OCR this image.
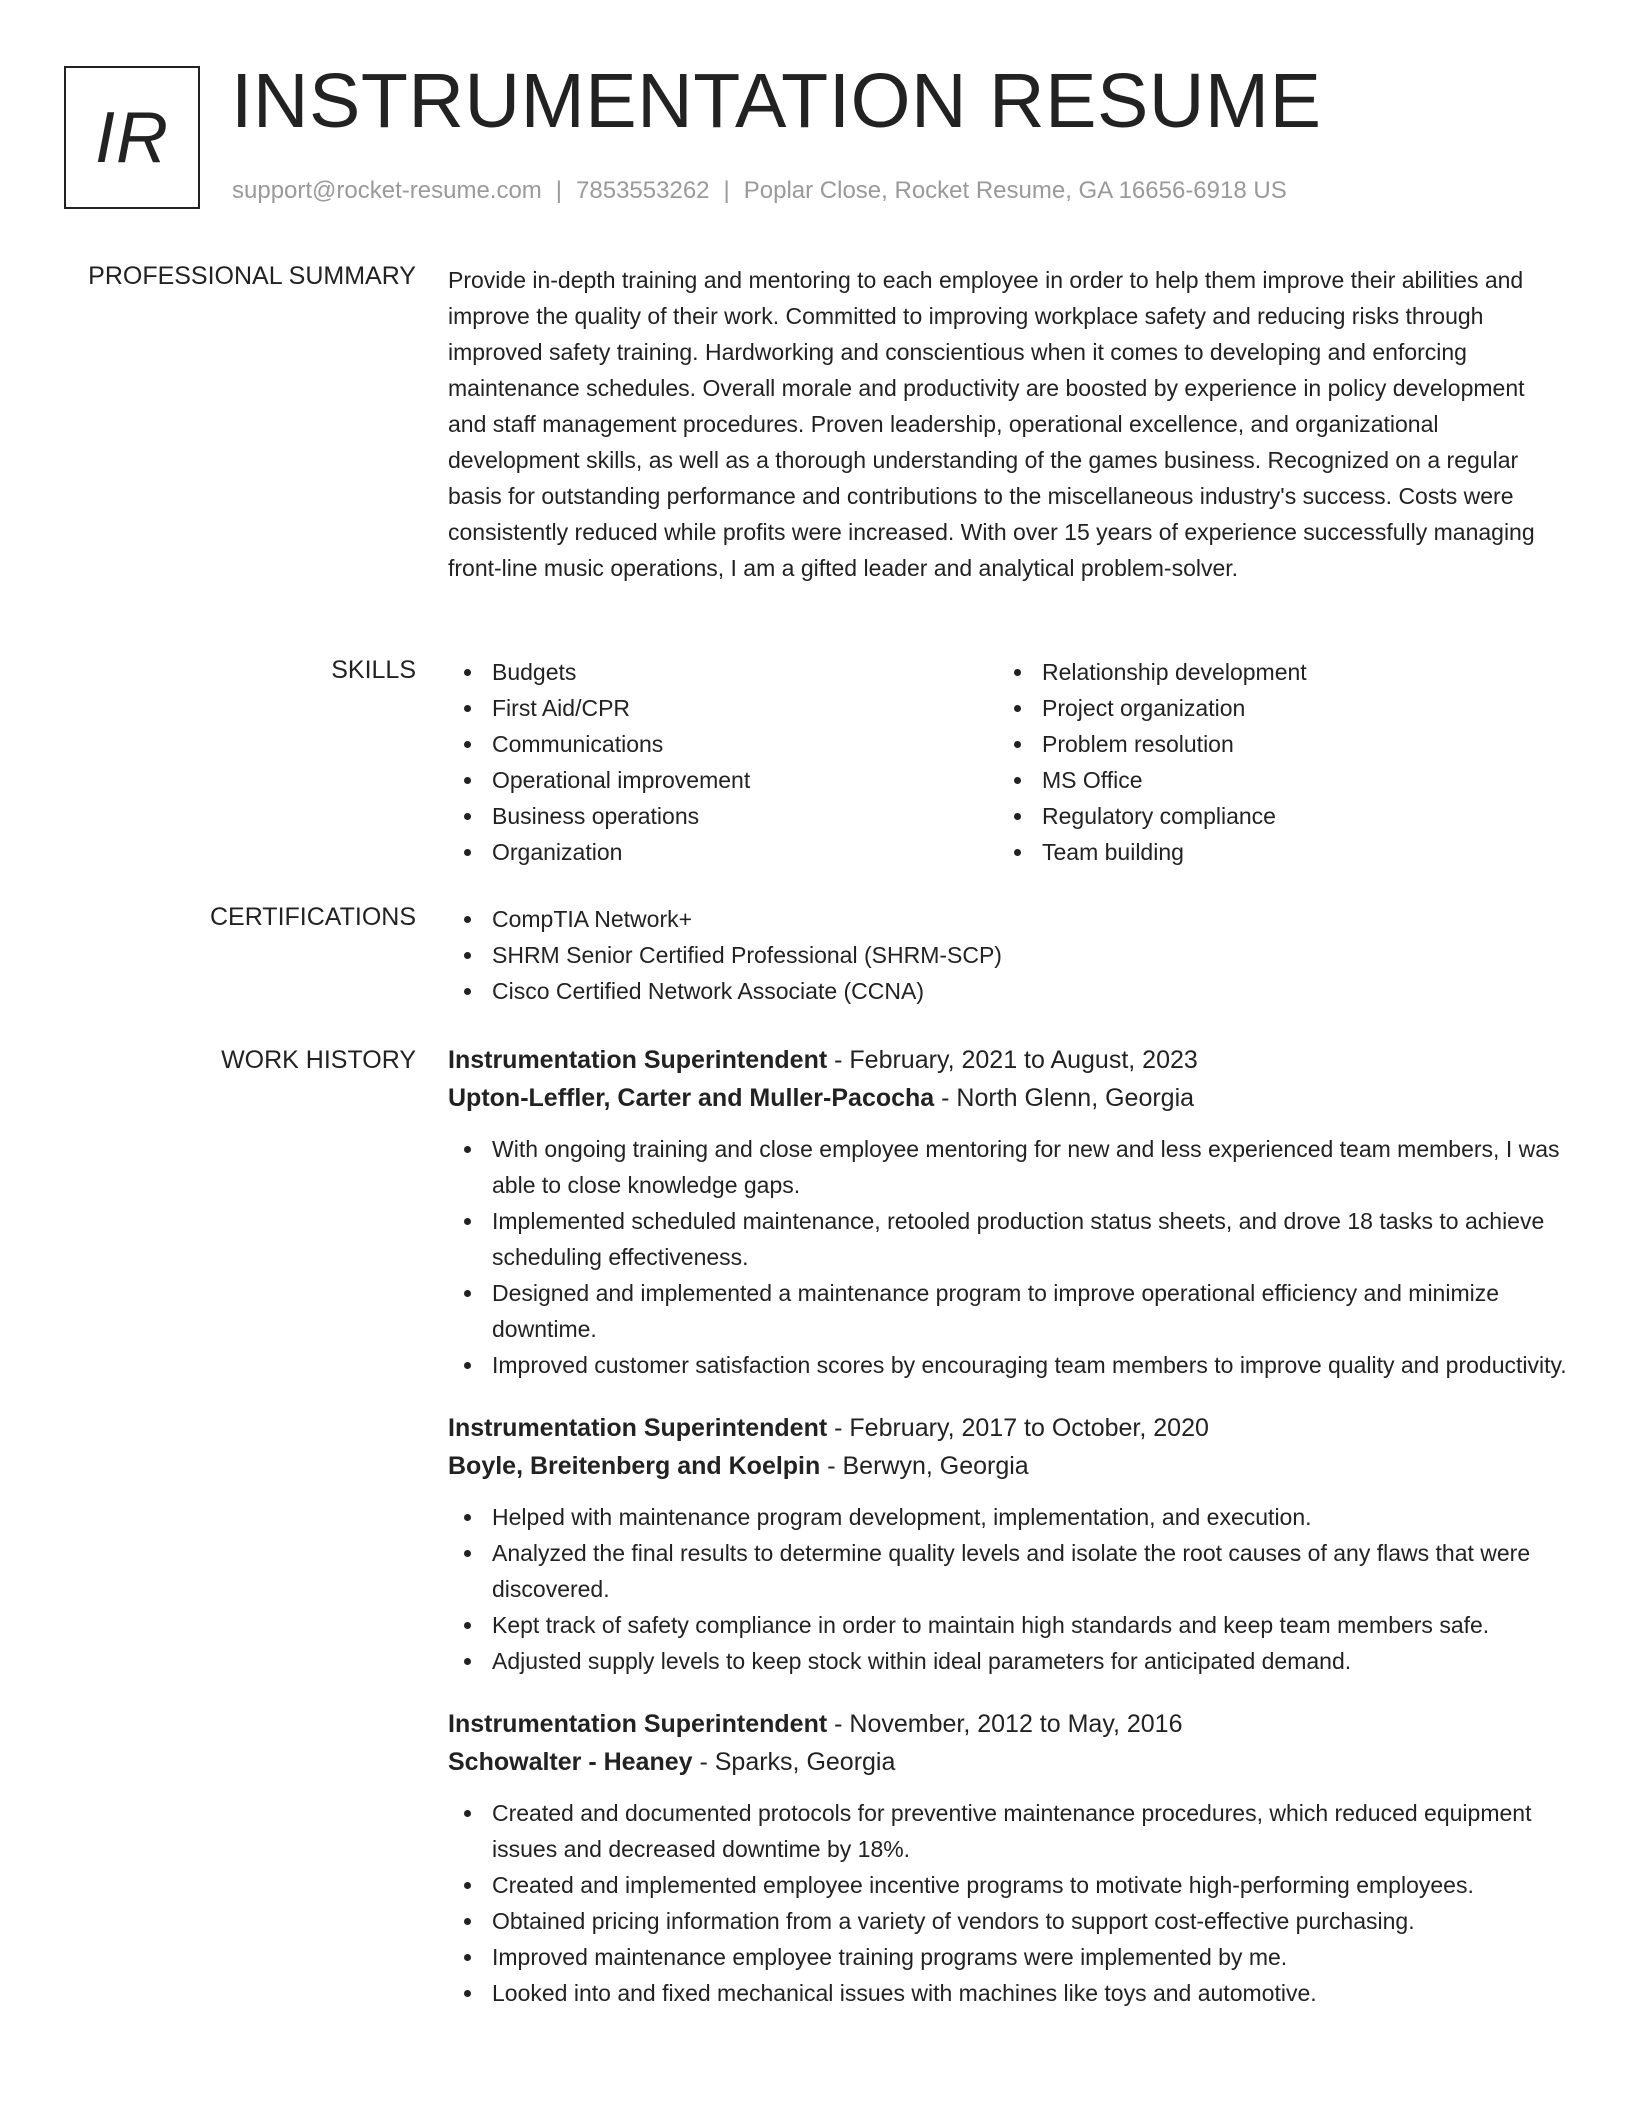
IR INSTRUMENTATION RESUME
support@rocket-resume.com | 7853553262 | Poplar Close, Rocket Resume, GA 16656-6918 US
PROFESSIONAL SUMMARY Provide in-depth training and mentoring to each employee in order to help them improve their abilities and improve the quality of their work. Committed to improving workplace safety and reducing risks through improved safety training. Hardworking and conscientious when it comes to developing and enforcing maintenance schedules. Overall morale and productivity are boosted by experience in policy development and staff management procedures. Proven leadership, operational excellence, and organizational development skills, as well as a thorough understanding of the games business. Recognized on a regular basis for outstanding performance and contributions to the miscellaneous industry's success. Costs were consistently reduced while profits were increased. With over 15 years of experience successfully managing front-line music operations, I am a gifted leader and analytical problem-solver.
SKILLS	Budgets
First Aid/CPR
Communications
Operational improvement
Business operations
Organization
Relationship development
Project organization
Problem resolution
MS Office
Regulatory compliance
Team building
CERTIFICATIONS	CompTIA Network+
SHRM Senior Certified Professional (SHRM-SCP)
Cisco Certified Network Associate (CCNA)
WORK HISTORY Instrumentation Superintendent - February, 2021 to August, 2023
Upton-Leffler, Carter and Muller-Pacocha - North Glenn, Georgia
With ongoing training and close employee mentoring for new and less experienced team members, I was able to close knowledge gaps.
Implemented scheduled maintenance, retooled production status sheets, and drove 18 tasks to achieve scheduling effectiveness.
Designed and implemented a maintenance program to improve operational efficiency and minimize downtime.
Improved customer satisfaction scores by encouraging team members to improve quality and productivity.
Instrumentation Superintendent - February, 2017 to October, 2020
Boyle, Breitenberg and Koelpin - Berwyn, Georgia
Helped with maintenance program development, implementation, and execution.
Analyzed the final results to determine quality levels and isolate the root causes of any flaws that were discovered.
Kept track of safety compliance in order to maintain high standards and keep team members safe.
Adjusted supply levels to keep stock within ideal parameters for anticipated demand.
Instrumentation Superintendent - November, 2012 to May, 2016
Schowalter - Heaney - Sparks, Georgia
Created and documented protocols for preventive maintenance procedures, which reduced equipment issues and decreased downtime by 18%.
Created and implemented employee incentive programs to motivate high-performing employees.
Obtained pricing information from a variety of vendors to support cost-effective purchasing.
Improved maintenance employee training programs were implemented by me.
Looked into and fixed mechanical issues with machines like toys and automotive.
